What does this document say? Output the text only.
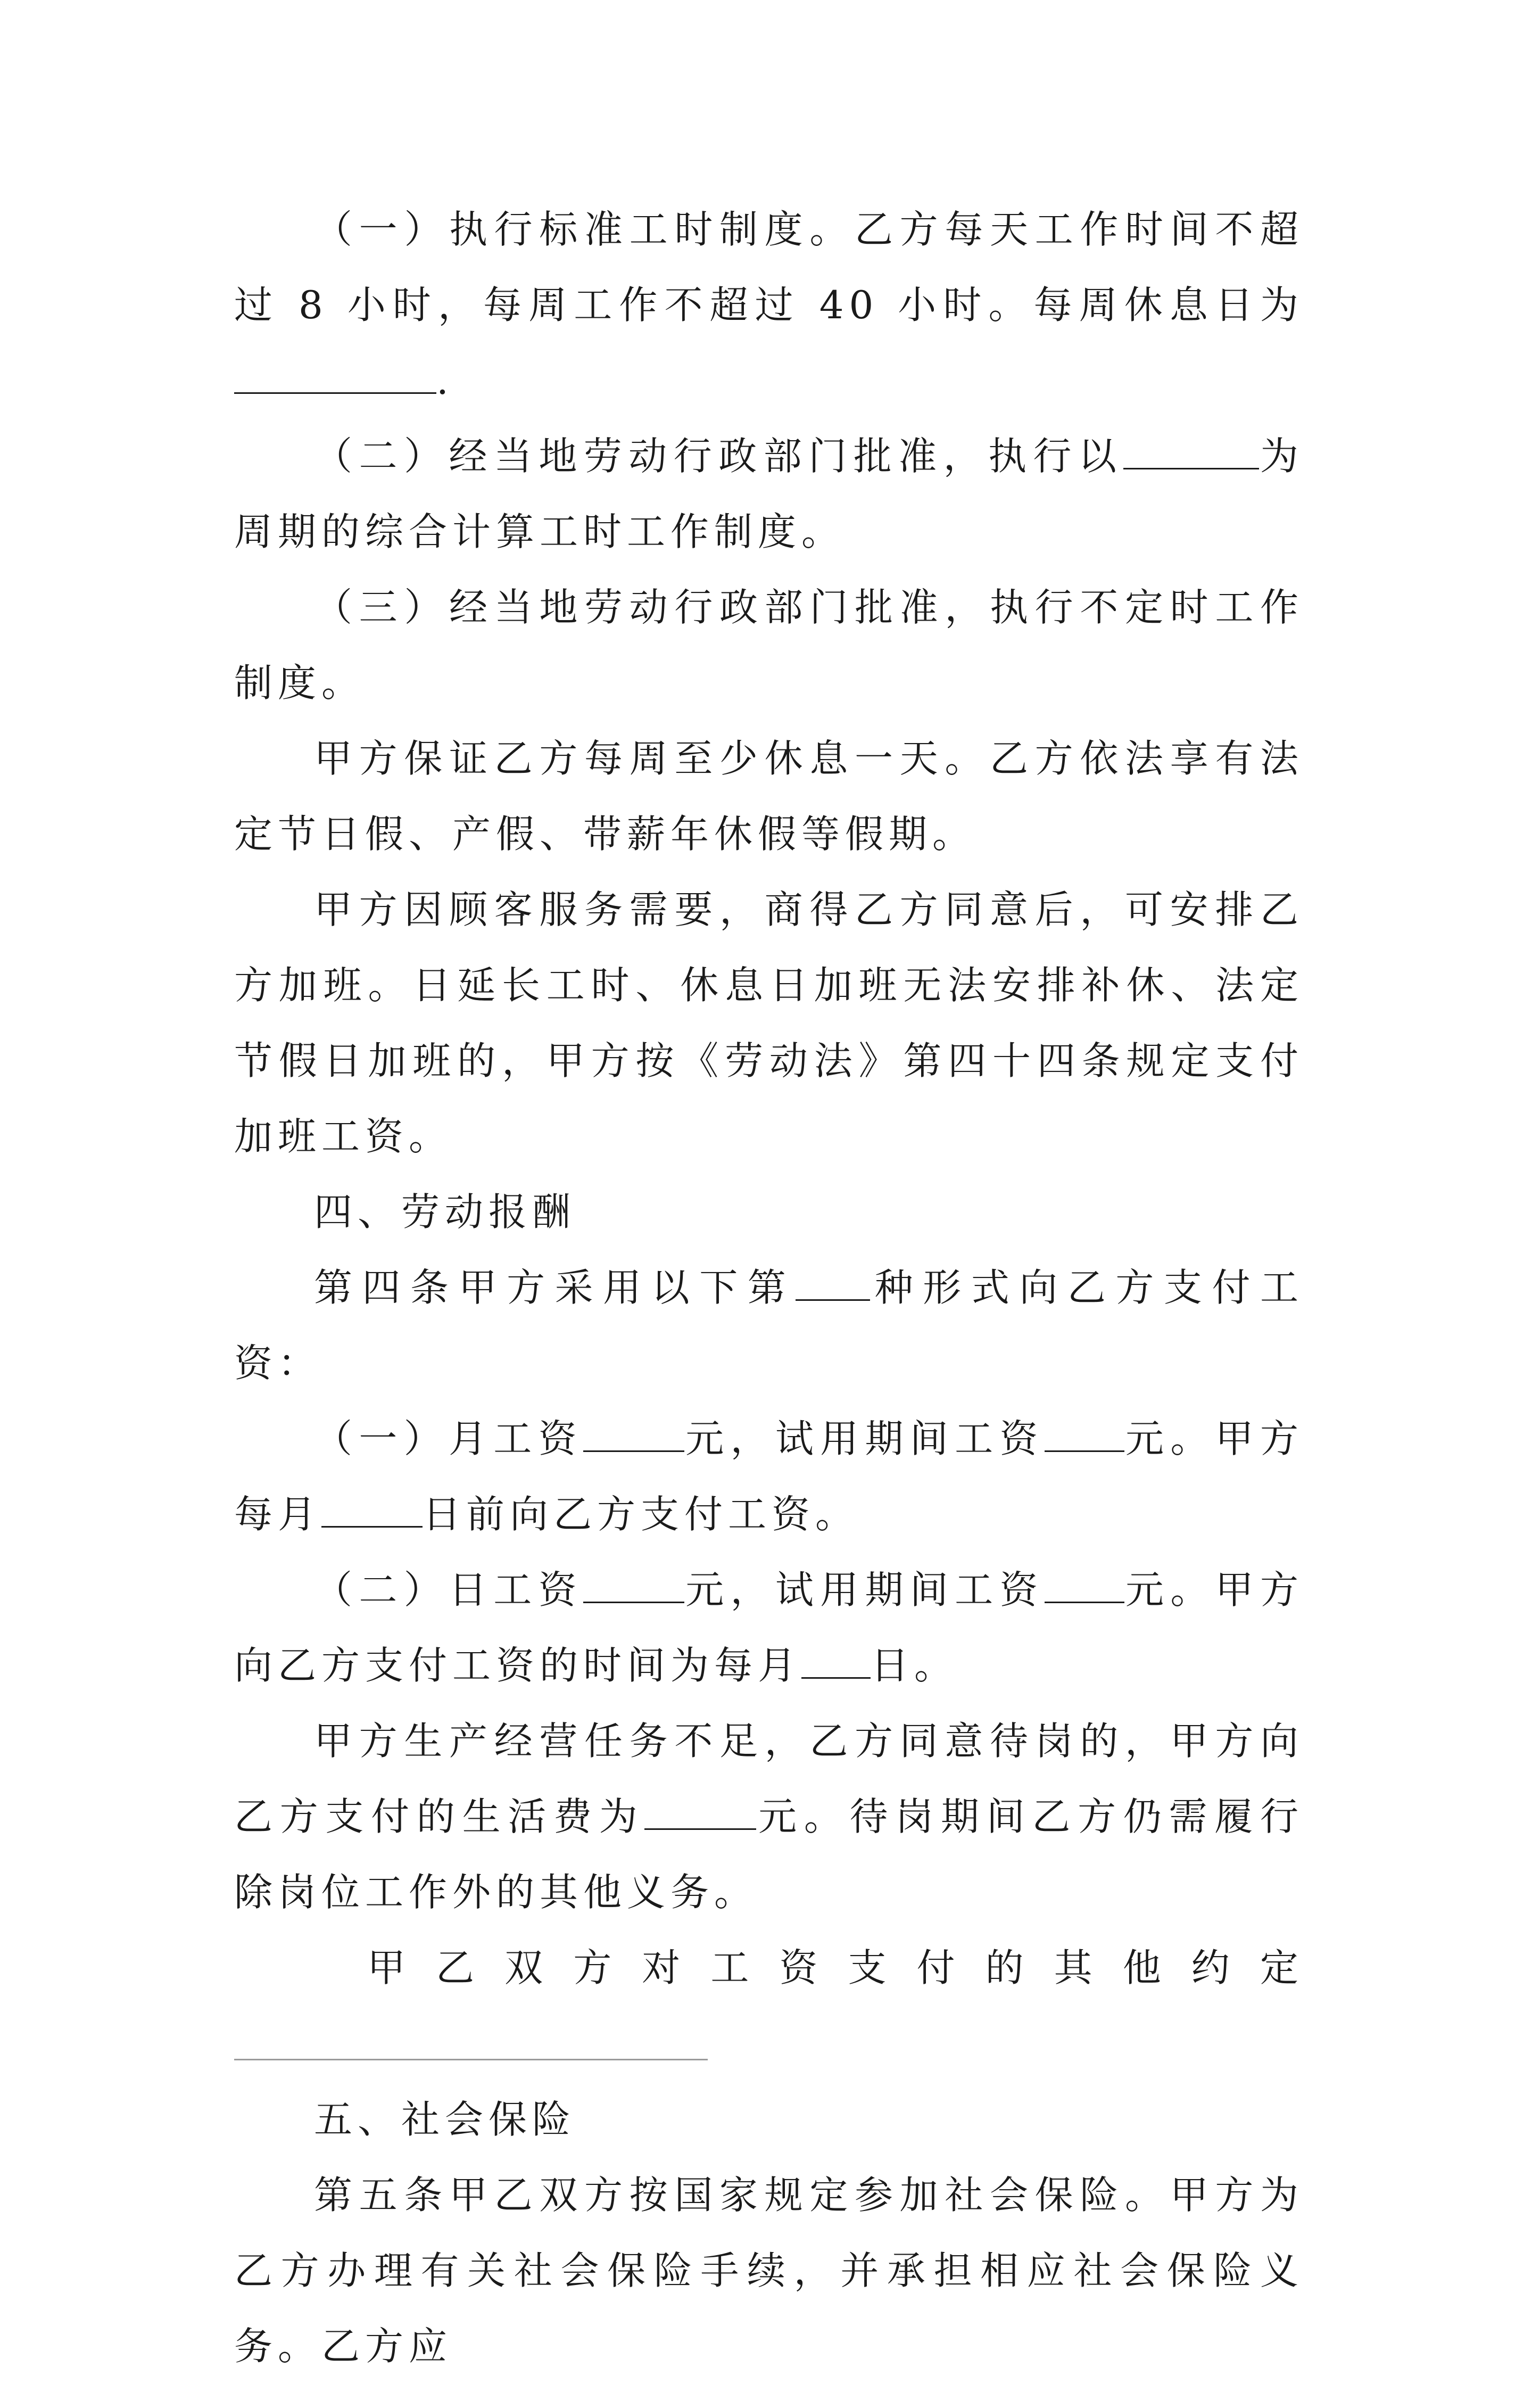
（一）执行标准工时制度。乙方每天工作时间不超过 8 小时，每周工作不超过 40 小时。每周休息日为.

（二）经当地劳动行政部门批准，执行以	为周期的综合计算工时工作制度。

（三）经当地劳动行政部门批准，执行不定时工作制度。

甲方保证乙方每周至少休息一天。乙方依法享有法定节日假、产假、带薪年休假等假期。

甲方因顾客服务需要，商得乙方同意后，可安排乙方加班。日延长工时、休息日加班无法安排补休、法定节假日加班的，甲方按《劳动法》第四十四条规定支付加班工资。

四、劳动报酬

第四条甲方采用以下第 种形式向乙方支付工资：

（一）月工资	元，试用期间工资 元。甲方每月	日前向乙方支付工资。

（二）日工资	元，试用期间工资 元。甲方向乙方支付工资的时间为每月 日。

甲方生产经营任务不足，乙方同意待岗的，甲方向乙方支付的生活费为	元。待岗期间乙方仍需履行除岗位工作外的其他义务。

甲 乙 双 方 对 工 资 支 付 的 其 他 约 定

五、社会保险

第五条甲乙双方按国家规定参加社会保险。甲方为乙方办理有关社会保险手续，并承担相应社会保险义务。乙方应
